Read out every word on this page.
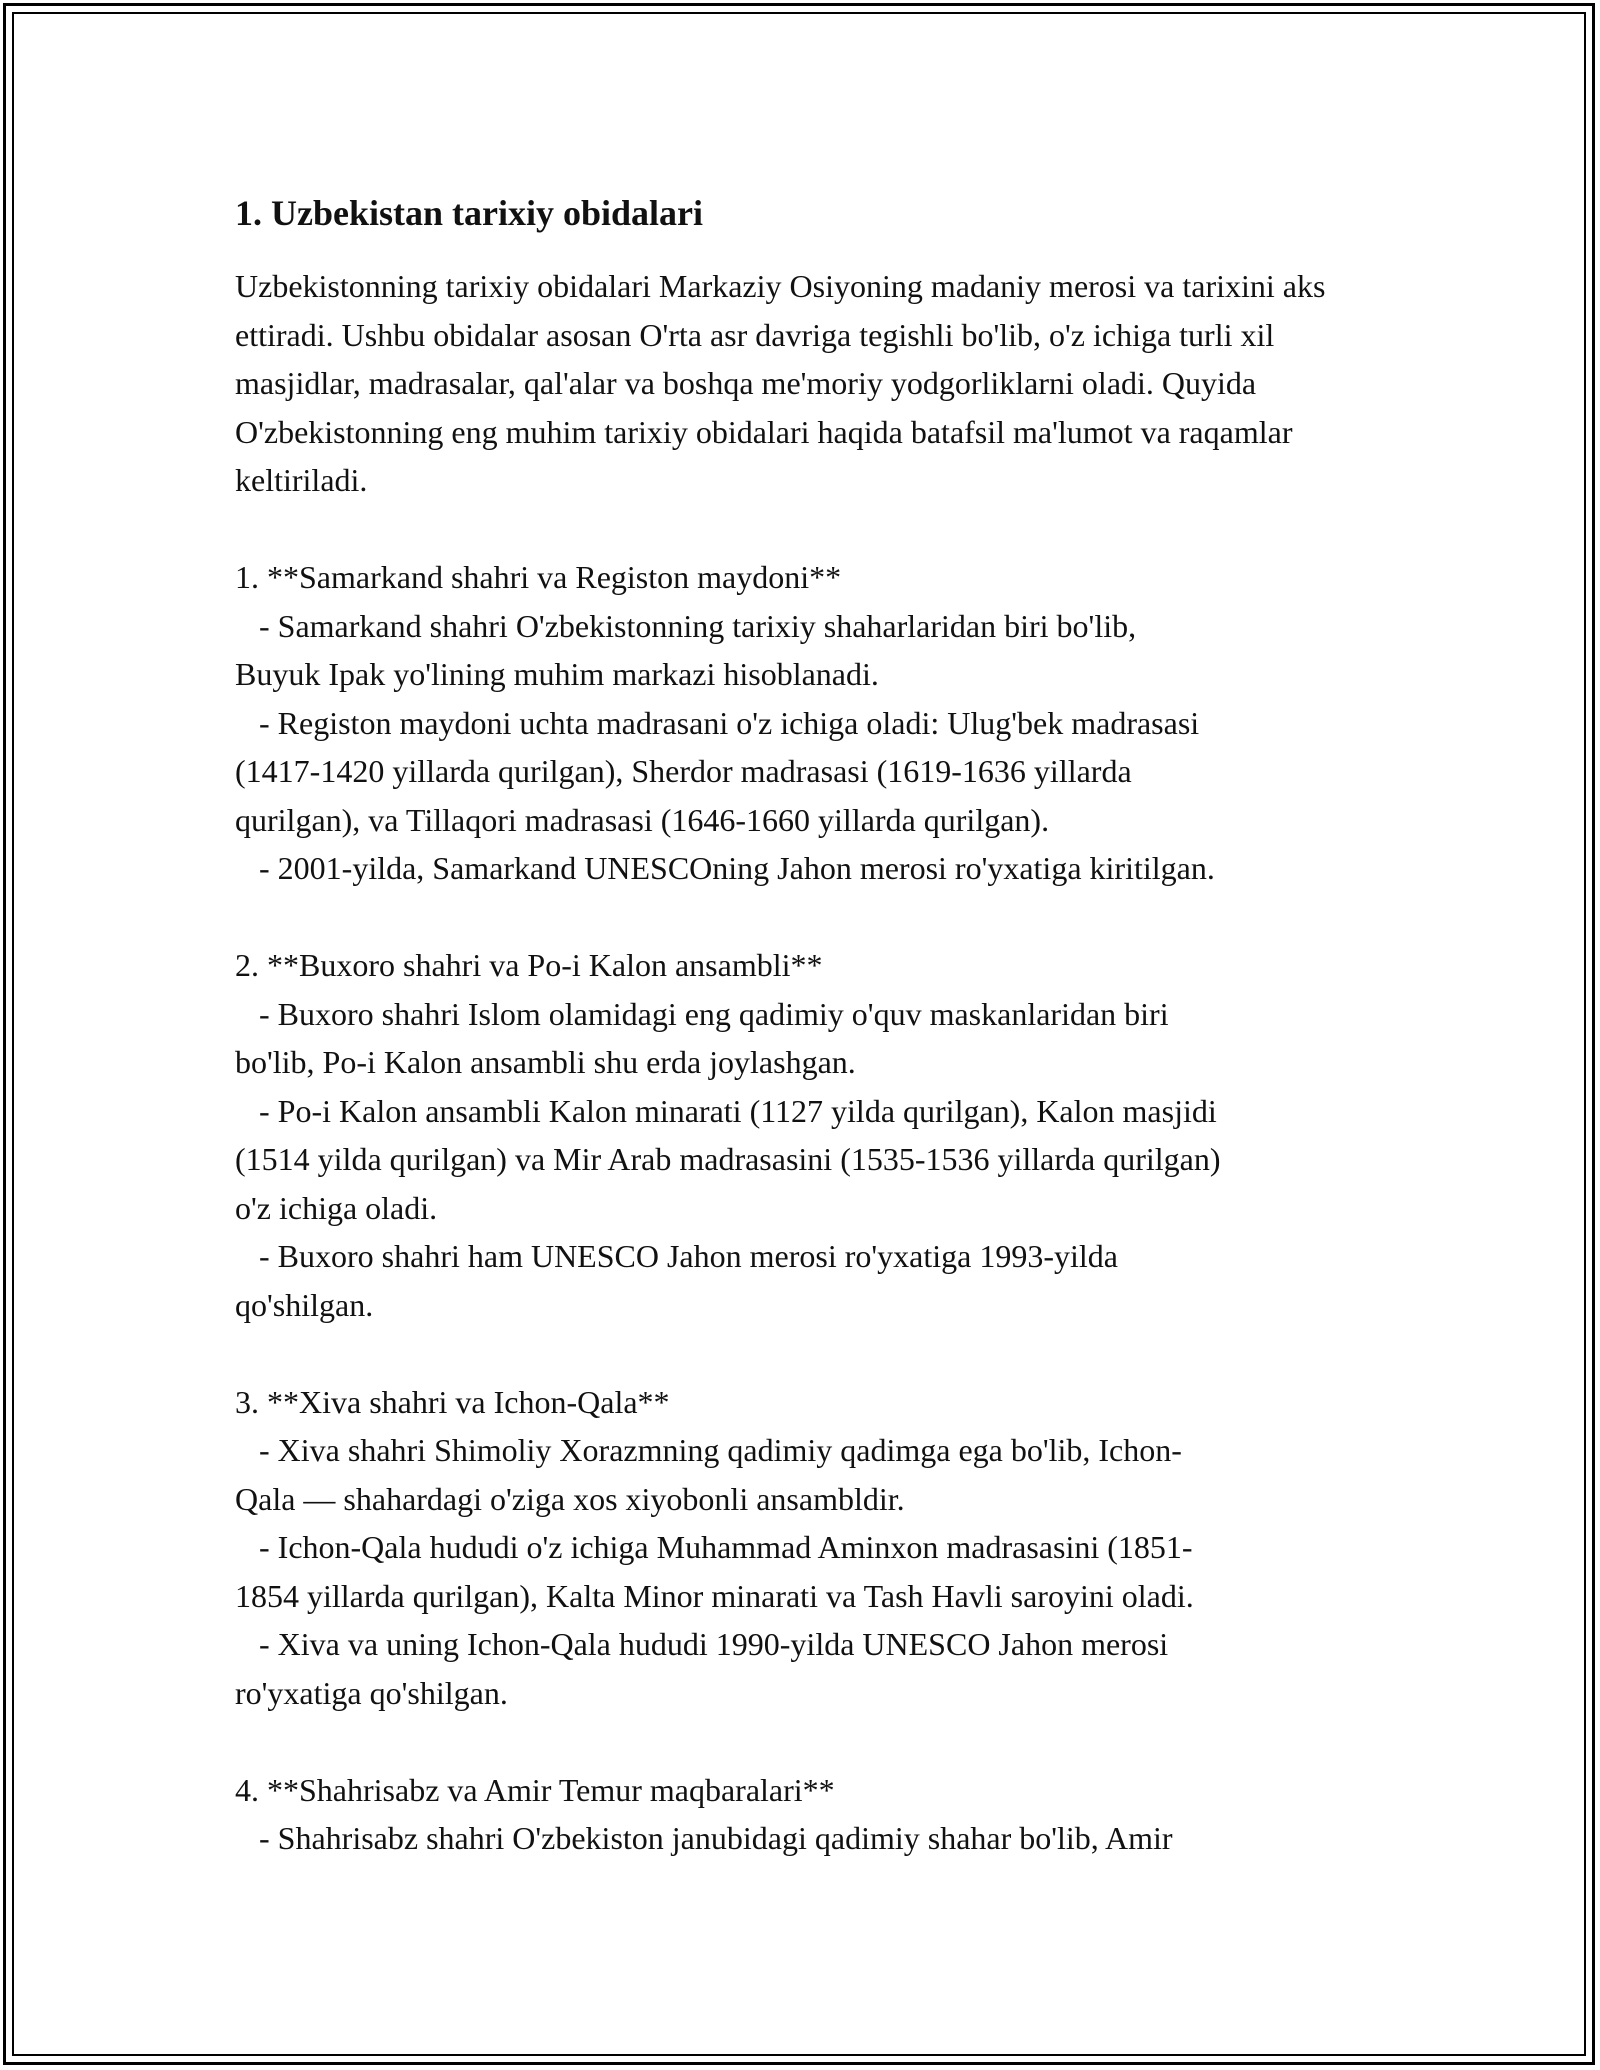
1. Uzbekistan tarixiy obidalari

Uzbekistonning tarixiy obidalari Markaziy Osiyoning madaniy merosi va tarixini aks ettiradi. Ushbu obidalar asosan O'rta asr davriga tegishli bo'lib, o'z ichiga turli xil masjidlar, madrasalar, qal'alar va boshqa me'moriy yodgorliklarni oladi. Quyida O'zbekistonning eng muhim tarixiy obidalari haqida batafsil ma'lumot va raqamlar keltiriladi.

1. **Samarkand shahri va Registon maydoni**
- Samarkand shahri O'zbekistonning tarixiy shaharlaridan biri bo'lib,
Buyuk Ipak yo'lining muhim markazi hisoblanadi.
- Registon maydoni uchta madrasani o'z ichiga oladi: Ulug'bek madrasasi
(1417-1420 yillarda qurilgan), Sherdor madrasasi (1619-1636 yillarda
qurilgan), va Tillaqori madrasasi (1646-1660 yillarda qurilgan).
- 2001-yilda, Samarkand UNESCOning Jahon merosi ro'yxatiga kiritilgan.
2. **Buxoro shahri va Po-i Kalon ansambli**
- Buxoro shahri Islom olamidagi eng qadimiy o'quv maskanlaridan biri
bo'lib, Po-i Kalon ansambli shu erda joylashgan.
- Po-i Kalon ansambli Kalon minarati (1127 yilda qurilgan), Kalon masjidi
(1514 yilda qurilgan) va Mir Arab madrasasini (1535-1536 yillarda qurilgan)
o'z ichiga oladi.
- Buxoro shahri ham UNESCO Jahon merosi ro'yxatiga 1993-yilda
qo'shilgan.
3. **Xiva shahri va Ichon-Qala**
- Xiva shahri Shimoliy Xorazmning qadimiy qadimga ega bo'lib, Ichon-
Qala — shahardagi o'ziga xos xiyobonli ansambldir.
- Ichon-Qala hududi o'z ichiga Muhammad Aminxon madrasasini (1851-
1854 yillarda qurilgan), Kalta Minor minarati va Tash Havli saroyini oladi.
- Xiva va uning Ichon-Qala hududi 1990-yilda UNESCO Jahon merosi
ro'yxatiga qo'shilgan.
4. **Shahrisabz va Amir Temur maqbaralari**
- Shahrisabz shahri O'zbekiston janubidagi qadimiy shahar bo'lib, Amir
